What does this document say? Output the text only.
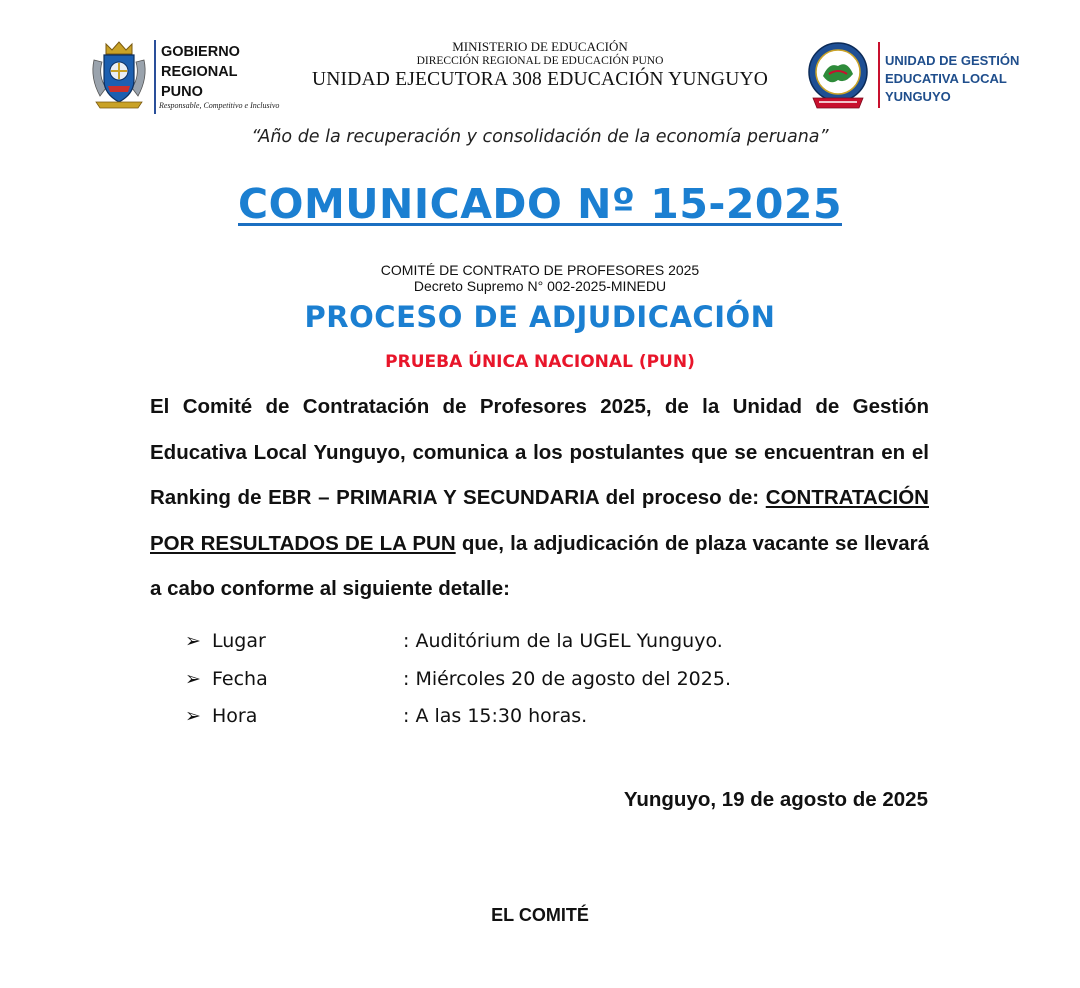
GOBIERNO
REGIONAL
PUNO
Responsable, Competitivo e Inclusivo
MINISTERIO DE EDUCACIÓN
DIRECCIÓN REGIONAL DE EDUCACIÓN PUNO
UNIDAD EJECUTORA 308 EDUCACIÓN YUNGUYO
UNIDAD DE GESTIÓN
EDUCATIVA LOCAL
YUNGUYO
“Año de la recuperación y consolidación de la economía peruana”
COMUNICADO Nº 15-2025
COMITÉ DE CONTRATO DE PROFESORES 2025
Decreto Supremo N° 002-2025-MINEDU
PROCESO DE ADJUDICACIÓN
PRUEBA ÚNICA NACIONAL (PUN)
El Comité de Contratación de Profesores 2025, de la Unidad de Gestión Educativa Local Yunguyo, comunica a los postulantes que se encuentran en el Ranking de EBR – PRIMARIA Y SECUNDARIA del proceso de: CONTRATACIÓN POR RESULTADOS DE LA PUN que, la adjudicación de plaza vacante se llevará a cabo conforme al siguiente detalle:
➢ Lugar	: Auditórium de la UGEL Yunguyo.
➢ Fecha	: Miércoles 20 de agosto del 2025.
➢ Hora	: A las 15:30 horas.
Yunguyo, 19 de agosto de 2025
EL COMITÉ
